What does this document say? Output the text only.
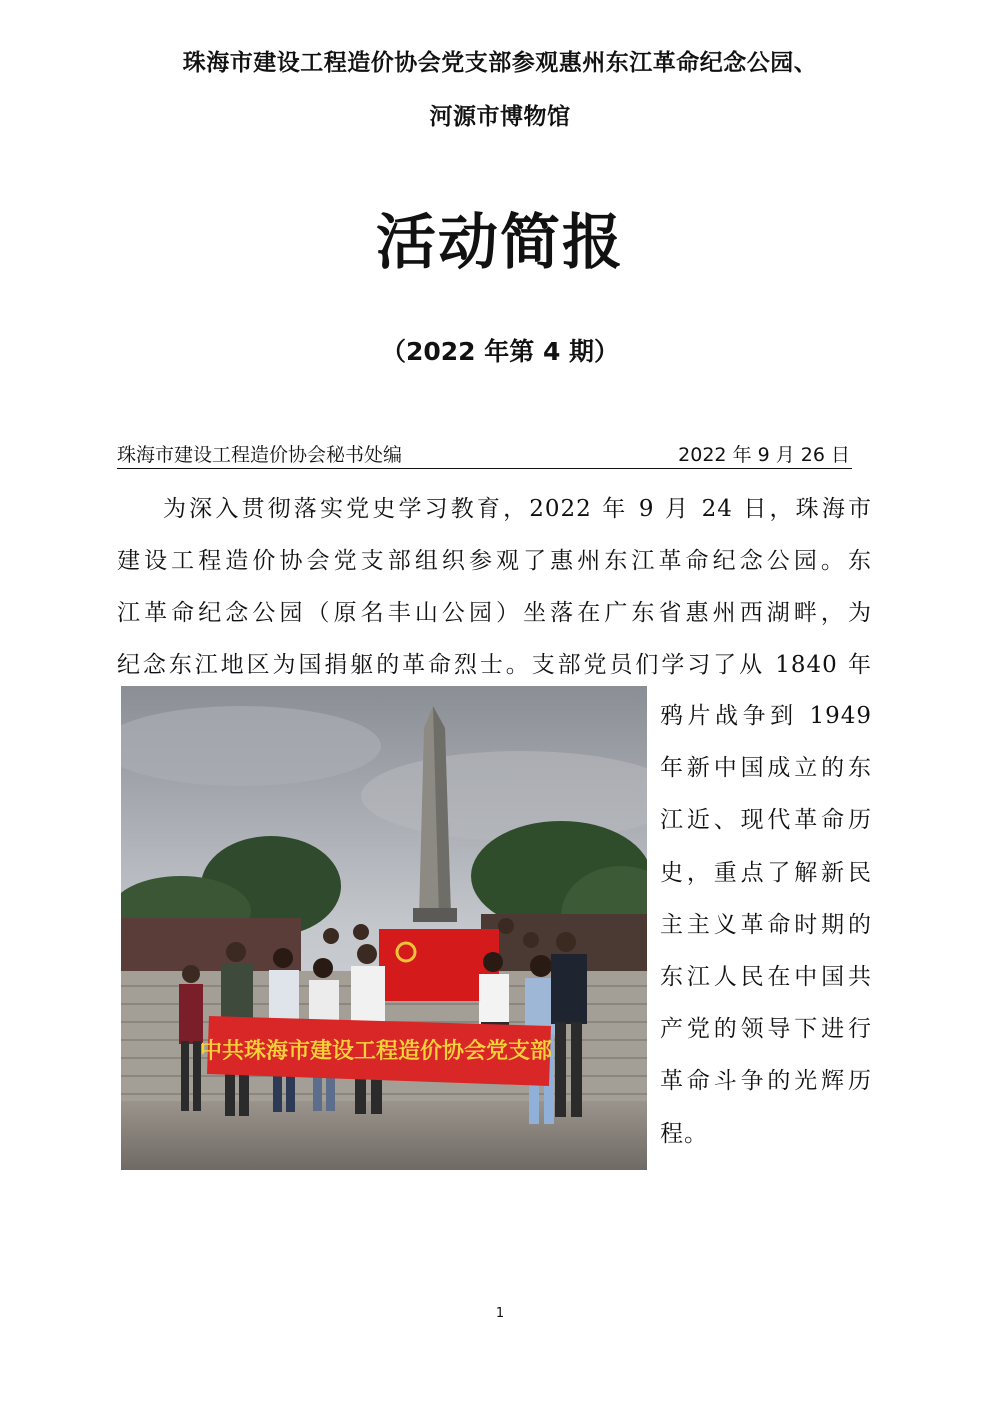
珠海市建设工程造价协会党支部参观惠州东江革命纪念公园、
河源市博物馆
活动简报
（2022 年第 4 期）
珠海市建设工程造价协会秘书处编	2022 年 9 月 26 日
为深入贯彻落实党史学习教育，2022 年 9 月 24 日，珠海市
建设工程造价协会党支部组织参观了惠州东江革命纪念公园。东
江革命纪念公园（原名丰山公园）坐落在广东省惠州西湖畔，为
纪念东江地区为国捐躯的革命烈士。支部党员们学习了从 1840 年
中共珠海市建设工程造价协会党支部
鸦片战争到 1949
年新中国成立的东
江近、现代革命历
史，重点了解新民
主主义革命时期的
东江人民在中国共
产党的领导下进行
革命斗争的光辉历
程。
1
